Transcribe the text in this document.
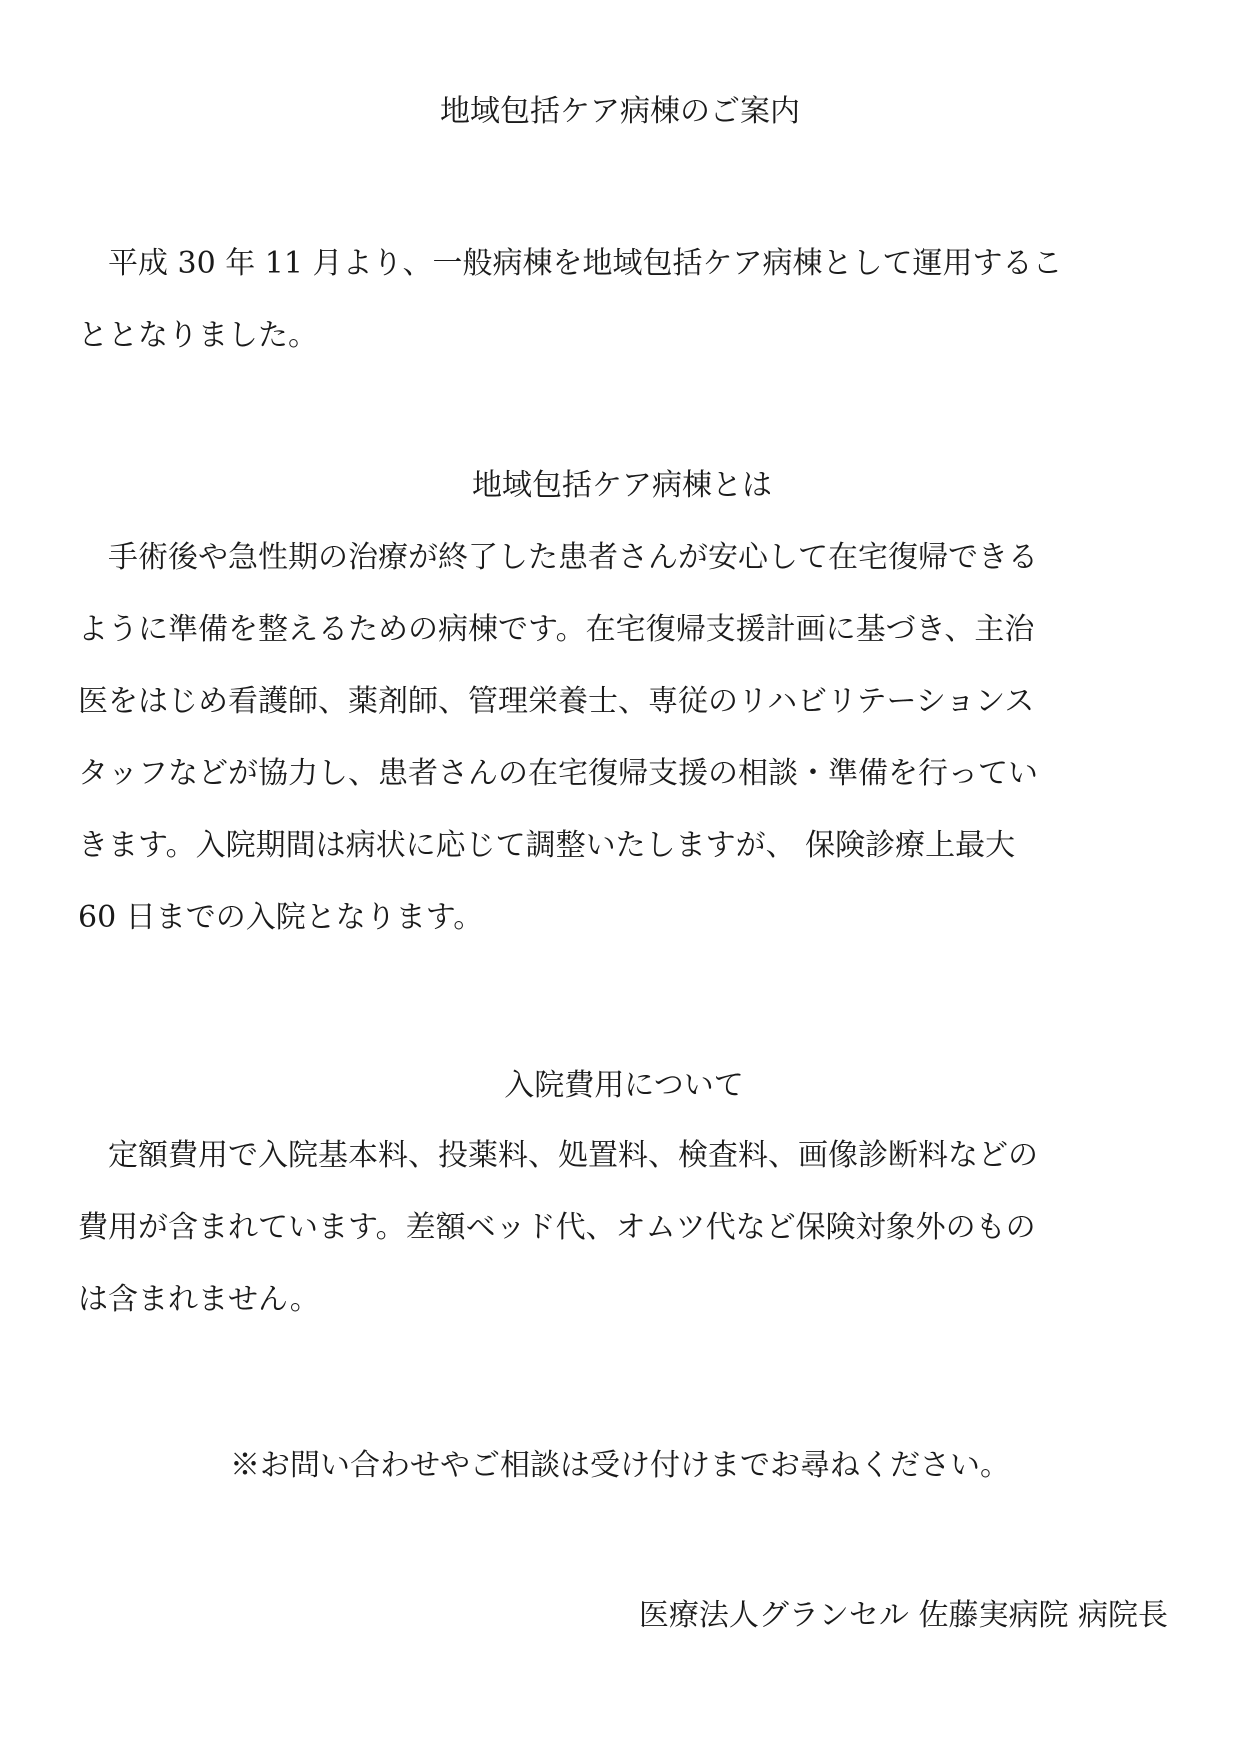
地域包括ケア病棟のご案内

　平成 30 年 11 月より、一般病棟を地域包括ケア病棟として運用するこ
ととなりました。

地域包括ケア病棟とは

　手術後や急性期の治療が終了した患者さんが安心して在宅復帰できる
ように準備を整えるための病棟です。在宅復帰支援計画に基づき、主治
医をはじめ看護師、薬剤師、管理栄養士、専従のリハビリテーションス
タッフなどが協力し、患者さんの在宅復帰支援の相談・準備を行ってい
きます。入院期間は病状に応じて調整いたしますが、 保険診療上最大
60 日までの入院となります。

入院費用について

　定額費用で入院基本料、投薬料、処置料、検査料、画像診断料などの
費用が含まれています。差額ベッド代、オムツ代など保険対象外のもの
は含まれません。

※お問い合わせやご相談は受け付けまでお尋ねください。

医療法人グランセル 佐藤実病院 病院長
